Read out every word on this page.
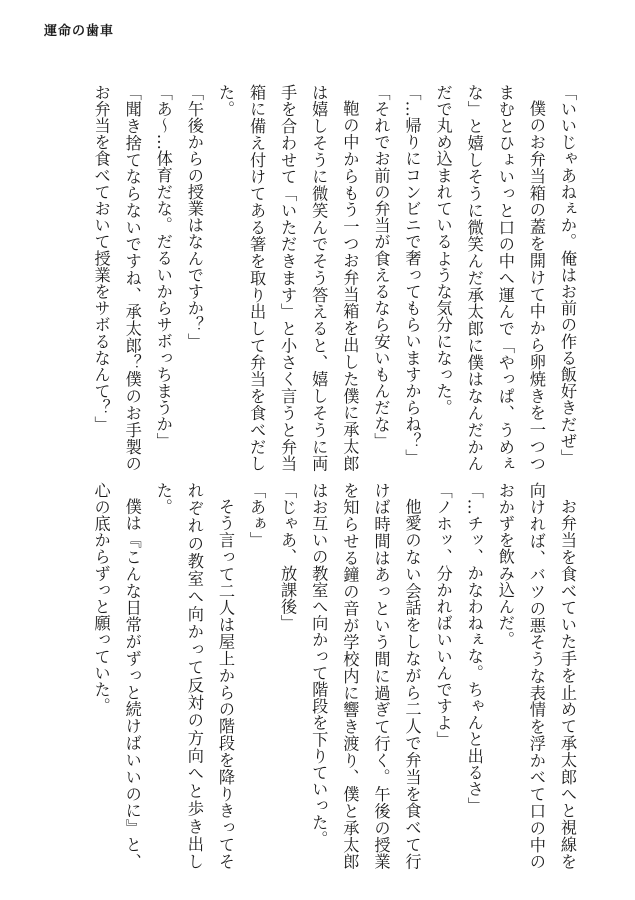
運命の歯車

「いいじゃあねぇか。俺はお前の作る飯好きだぜ」

僕のお弁当箱の蓋を開けて中から卵焼きを一つつまむとひょいっと口の中へ運んで「やっぱ、うめぇな」と嬉しそうに微笑んだ承太郎に僕はなんだかんだで丸め込まれているような気分になった。

「…帰りにコンビニで奢ってもらいますからね？」

「それでお前の弁当が食えるなら安いもんだな」

鞄の中からもう一つお弁当箱を出した僕に承太郎は嬉しそうに微笑んでそう答えると、嬉しそうに両手を合わせて「いただきます」と小さく言うと弁当箱に備え付けてある箸を取り出して弁当を食べだした。

「午後からの授業はなんですか？」

「あ〜…体育だな。だるいからサボっちまうか」

「聞き捨てならないですね、承太郎？僕のお手製のお弁当を食べておいて授業をサボるなんて？」

お弁当を食べていた手を止めて承太郎へと視線を向ければ、バツの悪そうな表情を浮かべて口の中のおかずを飲み込んだ。

「…チッ、かなわねぇな。ちゃんと出るさ」

「ノホッ、分かればいいんですよ」

他愛のない会話をしながら二人で弁当を食べて行けば時間はあっという間に過ぎて行く。午後の授業を知らせる鐘の音が学校内に響き渡り、僕と承太郎はお互いの教室へ向かって階段を下りていった。

「じゃあ、放課後」

「あぁ」

そう言って二人は屋上からの階段を降りきってそれぞれの教室へ向かって反対の方向へと歩き出した。

僕は『こんな日常がずっと続けばいいのに』と、心の底からずっと願っていた。
